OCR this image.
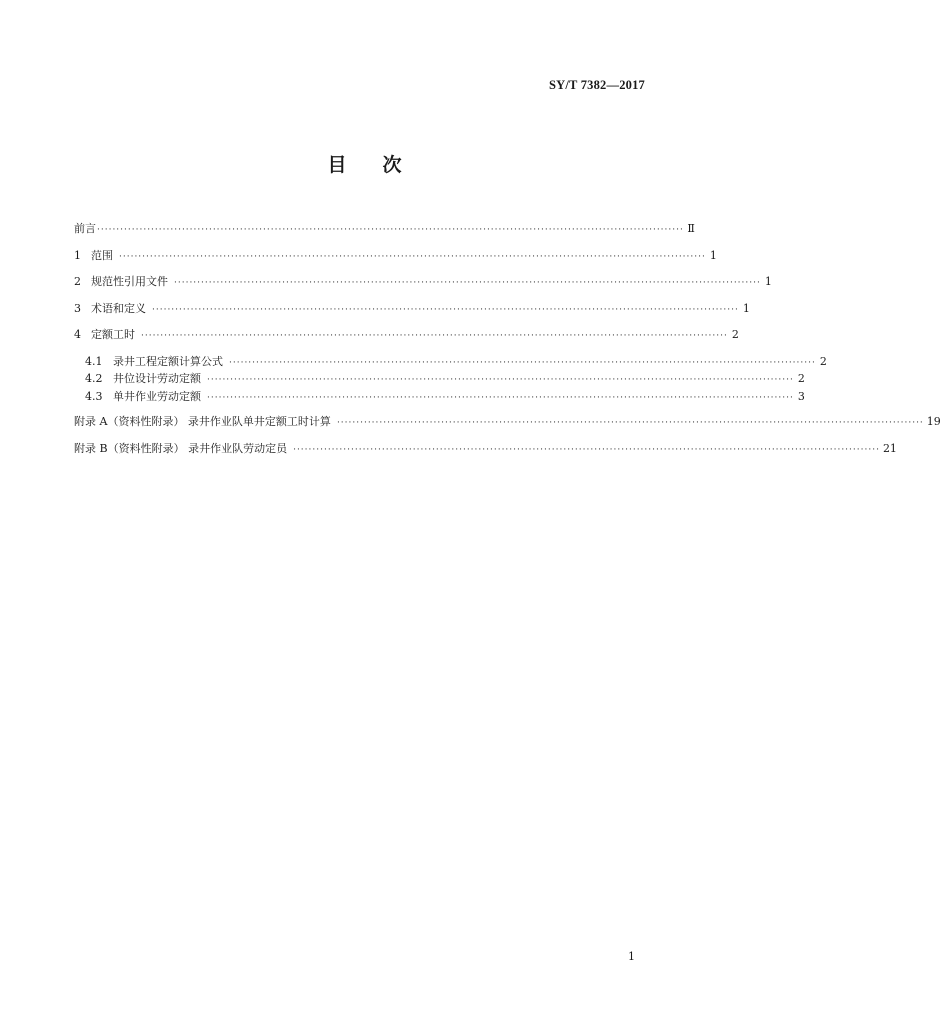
SY/T 7382—2017
目次
前言 ························································································································································ Ⅱ
1 范围 ························································································································································ 1
2 规范性引用文件 ························································································································································ 1
3 术语和定义 ························································································································································ 1
4 定额工时 ························································································································································ 2
4.1 录井工程定额计算公式 ························································································································································ 2
4.2 井位设计劳动定额 ························································································································································ 2
4.3 单井作业劳动定额 ························································································································································ 3
附录 A（资料性附录） 录井作业队单井定额工时计算 ························································································································································ 19
附录 B（资料性附录） 录井作业队劳动定员 ························································································································································ 21
1
